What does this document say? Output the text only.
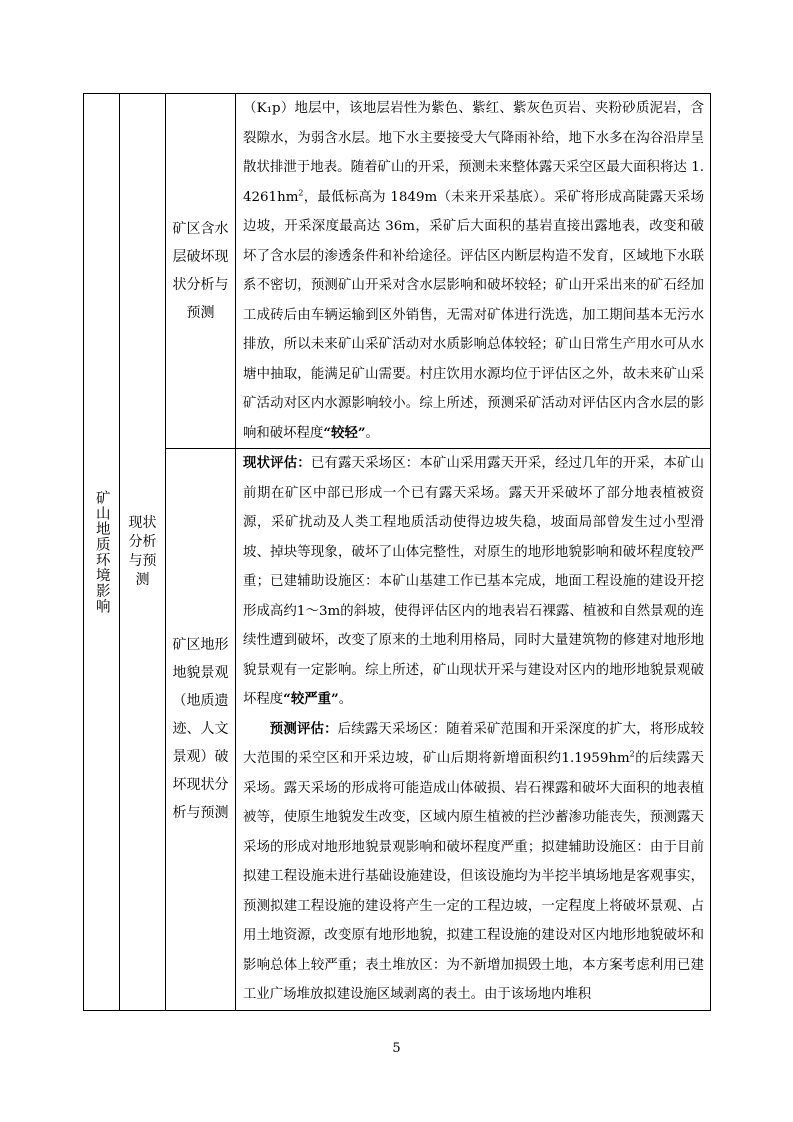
矿山地质环境影响	现状分析与预测	矿区含水层破坏现状分析与预测	（K₁p）地层中，该地层岩性为紫色、紫红、紫灰色页岩、夹粉砂质泥岩，含裂隙水，为弱含水层。地下水主要接受大气降雨补给，地下水多在沟谷沿岸呈散状排泄于地表。随着矿山的开采，预测未来整体露天采空区最大面积将达 $1.4261hm^2$，最低标高为 1849m（未来开采基底）。采矿将形成高陡露天采场边坡，开采深度最高达 36m，采矿后大面积的基岩直接出露地表，改变和破坏了含水层的渗透条件和补给途径。评估区内断层构造不发育，区域地下水联系不密切，预测矿山开采对含水层影响和破坏较轻；矿山开采出来的矿石经加工成砖后由车辆运输到区外销售，无需对矿体进行洗选，加工期间基本无污水排放，所以未来矿山采矿活动对水质影响总体较轻；矿山日常生产用水可从水塘中抽取，能满足矿山需要。村庄饮用水源均位于评估区之外，故未来矿山采矿活动对区内水源影响较小。综上所述，预测采矿活动对评估区内含水层的影响和破坏程度“较轻”。

		矿区地形地貌景观（地质遗迹、人文景观）破坏现状分析与预测	现状评估：已有露天采场区：本矿山采用露天开采，经过几年的开采，本矿山前期在矿区中部已形成一个已有露天采场。露天开采破坏了部分地表植被资源，采矿扰动及人类工程地质活动使得边坡失稳，坡面局部曾发生过小型滑坡、掉块等现象，破坏了山体完整性，对原生的地形地貌影响和破坏程度较严重；已建辅助设施区：本矿山基建工作已基本完成，地面工程设施的建设开挖形成高约1～3m的斜坡，使得评估区内的地表岩石裸露、植被和自然景观的连续性遭到破坏，改变了原来的土地利用格局，同时大量建筑物的修建对地形地貌景观有一定影响。综上所述，矿山现状开采与建设对区内的地形地貌景观破坏程度“较严重”。

预测评估：后续露天采场区：随着采矿范围和开采深度的扩大，将形成较大范围的采空区和开采边坡，矿山后期将新增面积约$1.1959hm^2$的后续露天采场。露天采场的形成将可能造成山体破损、岩石裸露和破坏大面积的地表植被等，使原生地貌发生改变，区域内原生植被的拦沙蓄渗功能丧失，预测露天采场的形成对地形地貌景观影响和破坏程度严重；拟建辅助设施区：由于目前拟建工程设施未进行基础设施建设，但该设施均为半挖半填场地是客观事实，预测拟建工程设施的建设将产生一定的工程边坡，一定程度上将破坏景观、占用土地资源，改变原有地形地貌，拟建工程设施的建设对区内地形地貌破坏和影响总体上较严重；表土堆放区：为不新增加损毁土地，本方案考虑利用已建工业广场堆放拟建设施区域剥离的表土。由于该场地内堆积

5
